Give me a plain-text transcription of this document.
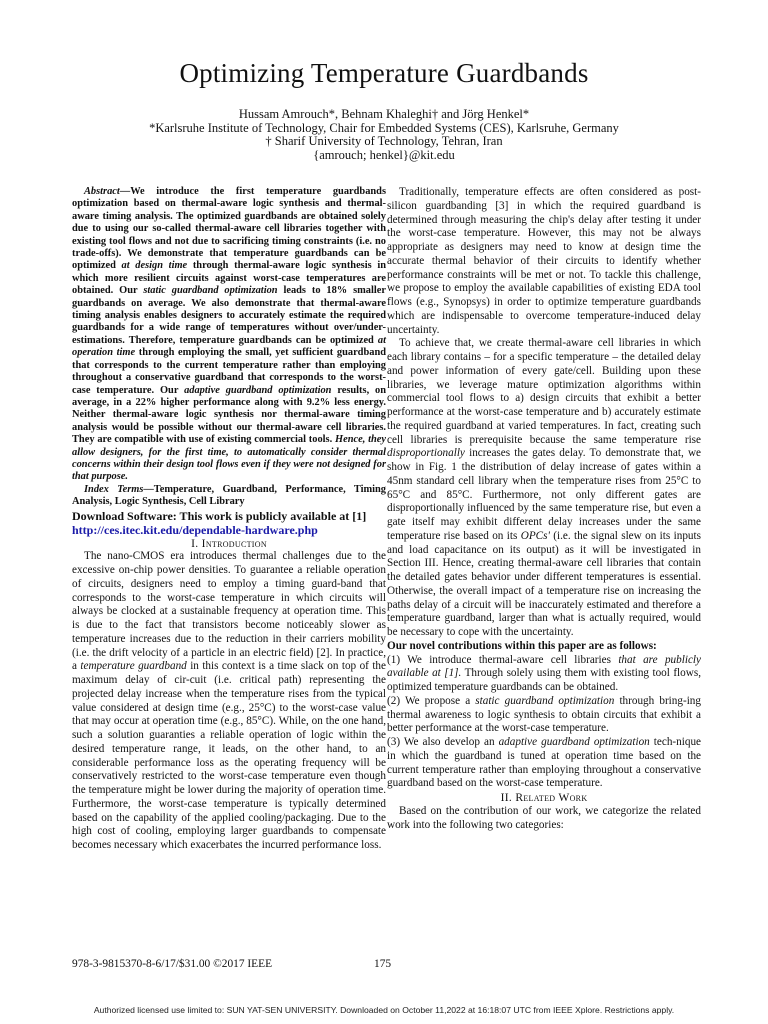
Optimizing Temperature Guardbands
Hussam Amrouch*, Behnam Khaleghi† and Jörg Henkel*
*Karlsruhe Institute of Technology, Chair for Embedded Systems (CES), Karlsruhe, Germany
† Sharif University of Technology, Tehran, Iran
{amrouch; henkel}@kit.edu

Abstract—We introduce the first temperature guardbands optimization based on thermal-aware logic synthesis and thermal-aware timing analysis. The optimized guardbands are obtained solely due to using our so-called thermal-aware cell libraries together with existing tool flows and not due to sacrificing timing constraints (i.e. no trade-offs). We demonstrate that temperature guardbands can be optimized at design time through thermal-aware logic synthesis in which more resilient circuits against worst-case temperatures are obtained. Our static guardband optimization leads to 18% smaller guardbands on average. We also demonstrate that thermal-aware timing analysis enables designers to accurately estimate the required guardbands for a wide range of temperatures without over/under-estimations. Therefore, temperature guardbands can be optimized at operation time through employing the small, yet sufficient guardband that corresponds to the current temperature rather than employing throughout a conservative guardband that corresponds to the worst-case temperature. Our adaptive guardband optimization results, on average, in a 22% higher performance along with 9.2% less energy. Neither thermal-aware logic synthesis nor thermal-aware timing analysis would be possible without our thermal-aware cell libraries. They are compatible with use of existing commercial tools. Hence, they allow designers, for the first time, to automatically consider thermal concerns within their design tool flows even if they were not designed for that purpose.

Index Terms—Temperature, Guardband, Performance, Timing Analysis, Logic Synthesis, Cell Library

Download Software: This work is publicly available at [1]
http://ces.itec.kit.edu/dependable-hardware.php

I. Introduction

The nano-CMOS era introduces thermal challenges due to the excessive on-chip power densities. To guarantee a reliable operation of circuits, designers need to employ a timing guard-band that corresponds to the worst-case temperature in which circuits will always be clocked at a sustainable frequency at operation time. This is due to the fact that transistors become noticeably slower as temperature increases due to the reduction in their carriers mobility (i.e. the drift velocity of a particle in an electric field) [2]. In practice, a temperature guardband in this context is a time slack on top of the maximum delay of cir-cuit (i.e. critical path) representing the projected delay increase when the temperature rises from the typical value considered at design time (e.g., 25°C) to the worst-case value that may occur at operation time (e.g., 85°C). While, on the one hand, such a solution guaranties a reliable operation of logic within the desired temperature range, it leads, on the other hand, to an considerable performance loss as the operating frequency will be conservatively restricted to the worst-case temperature even though the temperature might be lower during the majority of operation time. Furthermore, the worst-case temperature is typically determined based on the capability of the applied cooling/packaging. Due to the high cost of cooling, employing larger guardbands to compensate becomes necessary which exacerbates the incurred performance loss.

Traditionally, temperature effects are often considered as post-silicon guardbanding [3] in which the required guardband is determined through measuring the chip's delay after testing it under the worst-case temperature. However, this may not be always appropriate as designers may need to know at design time the accurate thermal behavior of their circuits to identify whether performance constraints will be met or not. To tackle this challenge, we propose to employ the available capabilities of existing EDA tool flows (e.g., Synopsys) in order to optimize temperature guardbands which are indispensable to overcome temperature-induced delay uncertainty.

To achieve that, we create thermal-aware cell libraries in which each library contains – for a specific temperature – the detailed delay and power information of every gate/cell. Building upon these libraries, we leverage mature optimization algorithms within commercial tool flows to a) design circuits that exhibit a better performance at the worst-case temperature and b) accurately estimate the required guardband at varied temperatures. In fact, creating such cell libraries is prerequisite because the same temperature rise disproportionally increases the gates delay. To demonstrate that, we show in Fig. 1 the distribution of delay increase of gates within a 45nm standard cell library when the temperature rises from 25°C to 65°C and 85°C. Furthermore, not only different gates are disproportionally influenced by the same temperature rise, but even a gate itself may exhibit different delay increases under the same temperature rise based on its OPCs' (i.e. the signal slew on its inputs and load capacitance on its output) as it will be investigated in Section III. Hence, creating thermal-aware cell libraries that contain the detailed gates behavior under different temperatures is essential. Otherwise, the overall impact of a temperature rise on increasing the paths delay of a circuit will be inaccurately estimated and therefore a temperature guardband, larger than what is actually required, would be necessary to cope with the uncertainty.

Our novel contributions within this paper are as follows:

(1) We introduce thermal-aware cell libraries that are publicly available at [1]. Through solely using them with existing tool flows, optimized temperature guardbands can be obtained.

(2) We propose a static guardband optimization through bring-ing thermal awareness to logic synthesis to obtain circuits that exhibit a better performance at the worst-case temperature.

(3) We also develop an adaptive guardband optimization tech-nique in which the guardband is tuned at operation time based on the current temperature rather than employing throughout a conservative guardband based on the worst-case temperature.

II. Related Work

Based on the contribution of our work, we categorize the related work into the following two categories:

978-3-9815370-8-6/17/$31.00 ©2017 IEEE	175
Authorized licensed use limited to: SUN YAT-SEN UNIVERSITY. Downloaded on October 11,2022 at 16:18:07 UTC from IEEE Xplore. Restrictions apply.
